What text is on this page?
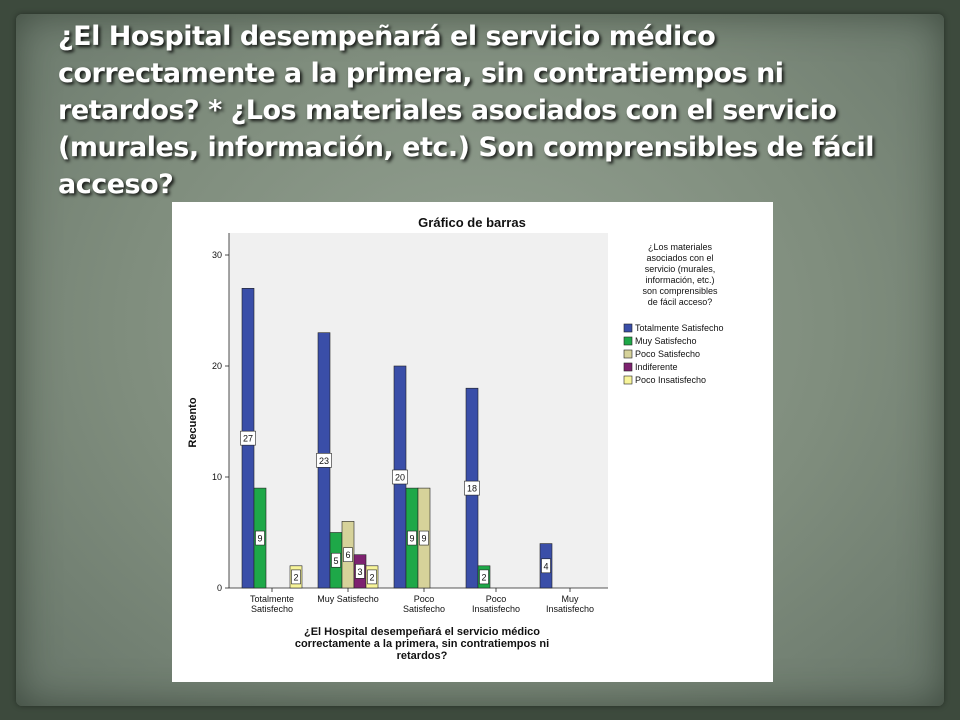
¿El Hospital desempeñará el servicio médico correctamente a la primera, sin contratiempos ni retardos? * ¿Los materiales asociados con el servicio (murales, información, etc.) Son comprensibles de fácil acceso?
Gráfico de barras
0
10
20
30
Recuento
Totalmente
Satisfecho
27
9
2
Muy Satisfecho
23
5
6
3
2
Poco
Satisfecho
20
9 9
Poco
Insatisfecho
18
2
Muy
Insatisfecho
4
¿El Hospital desempeñará el servicio médico
correctamente a la primera, sin contratiempos ni
retardos?
¿Los materiales
asociados con el
servicio (murales,
información, etc.)
son comprensibles
de fácil acceso?
Totalmente Satisfecho
Muy Satisfecho
Poco Satisfecho
Indiferente
Poco Insatisfecho
